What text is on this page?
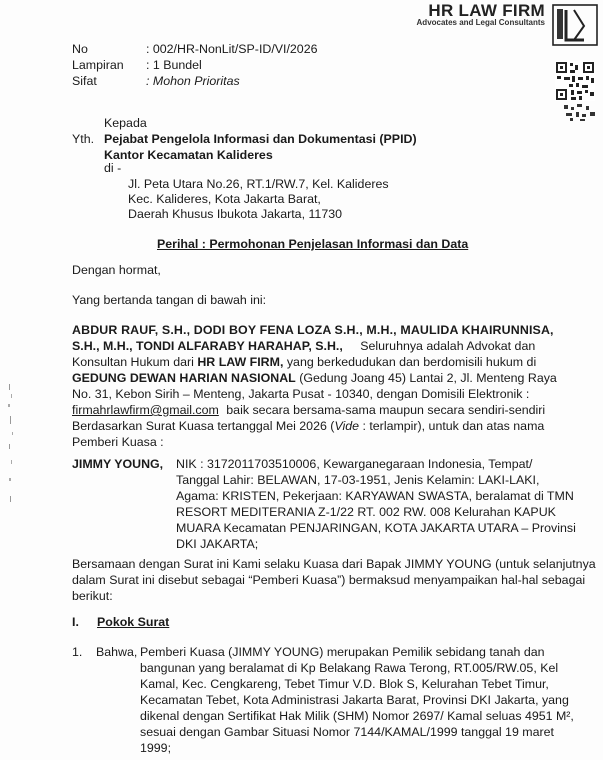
HR LAW FIRM
Advocates and Legal Consultants
No	: 002/HR-NonLit/SP-ID/VI/2026
Lampiran : 1 Bundel
Sifat	: Mohon Prioritas
Kepada
Yth. Pejabat Pengelola Informasi dan Dokumentasi (PPID)
Kantor Kecamatan Kalideres
di -
Jl. Peta Utara No.26, RT.1/RW.7, Kel. Kalideres
Kec. Kalideres, Kota Jakarta Barat,
Daerah Khusus Ibukota Jakarta, 11730
Perihal : Permohonan Penjelasan Informasi dan Data
Dengan hormat,
Yang bertanda tangan di bawah ini:
ABDUR RAUF, S.H., DODI BOY FENA LOZA S.H., M.H., MAULIDA KHAIRUNNISA,
S.H., M.H., TONDI ALFARABY HARAHAP, S.H., Seluruhnya adalah Advokat dan
Konsultan Hukum dari HR LAW FIRM, yang berkedudukan dan berdomisili hukum di
GEDUNG DEWAN HARIAN NASIONAL (Gedung Joang 45) Lantai 2, Jl. Menteng Raya
No. 31, Kebon Sirih – Menteng, Jakarta Pusat - 10340, dengan Domisili Elektronik :
firmahrlawfirm@gmail.com baik secara bersama-sama maupun secara sendiri-sendiri
Berdasarkan Surat Kuasa tertanggal Mei 2026 (Vide : terlampir), untuk dan atas nama
Pemberi Kuasa :
JIMMY YOUNG, NIK : 3172011703510006, Kewarganegaraan Indonesia, Tempat/
Tanggal Lahir: BELAWAN, 17-03-1951, Jenis Kelamin: LAKI-LAKI,
Agama: KRISTEN, Pekerjaan: KARYAWAN SWASTA, beralamat di TMN
RESORT MEDITERANIA Z-1/22 RT. 002 RW. 008 Kelurahan KAPUK
MUARA Kecamatan PENJARINGAN, KOTA JAKARTA UTARA – Provinsi
DKI JAKARTA;
Bersamaan dengan Surat ini Kami selaku Kuasa dari Bapak JIMMY YOUNG (untuk selanjutnya
dalam Surat ini disebut sebagai “Pemberi Kuasa”) bermaksud menyampaikan hal-hal sebagai
berikut:
I. Pokok Surat
1. Bahwa, Pemberi Kuasa (JIMMY YOUNG) merupakan Pemilik sebidang tanah dan
bangunan yang beralamat di Kp Belakang Rawa Terong, RT.005/RW.05, Kel
Kamal, Kec. Cengkareng, Tebet Timur V.D. Blok S, Kelurahan Tebet Timur,
Kecamatan Tebet, Kota Administrasi Jakarta Barat, Provinsi DKI Jakarta, yang
dikenal dengan Sertifikat Hak Milik (SHM) Nomor 2697/ Kamal seluas 4951 M²,
sesuai dengan Gambar Situasi Nomor 7144/KAMAL/1999 tanggal 19 maret
1999;
